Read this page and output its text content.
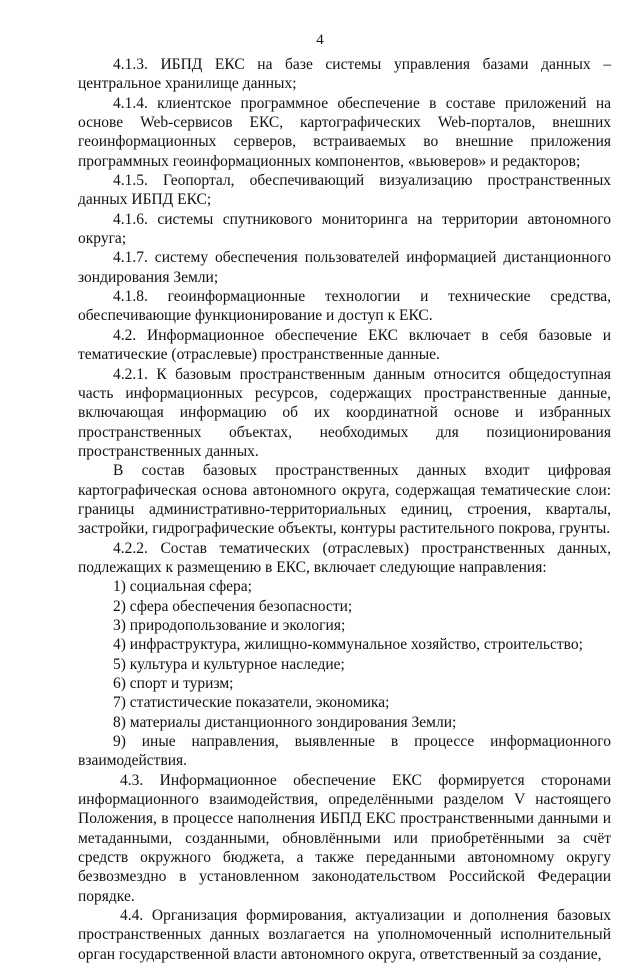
4

4.1.3. ИБПД ЕКС на базе системы управления базами данных – центральное хранилище данных;

4.1.4. клиентское программное обеспечение в составе приложений на основе Web-сервисов ЕКС, картографических Web-порталов, внешних геоинформационных серверов, встраиваемых во внешние приложения программных геоинформационных компонентов, «вьюверов» и редакторов;

4.1.5. Геопортал, обеспечивающий визуализацию пространственных данных ИБПД ЕКС;

4.1.6. системы спутникового мониторинга на территории автономного округа;

4.1.7. систему обеспечения пользователей информацией дистанционного зондирования Земли;

4.1.8. геоинформационные технологии и технические средства, обеспечивающие функционирование и доступ к ЕКС.

4.2. Информационное обеспечение ЕКС включает в себя базовые и тематические (отраслевые) пространственные данные.

4.2.1. К базовым пространственным данным относится общедоступная часть информационных ресурсов, содержащих пространственные данные, включающая информацию об их координатной основе и избранных пространственных объектах, необходимых для позиционирования пространственных данных.

В состав базовых пространственных данных входит цифровая картографическая основа автономного округа, содержащая тематические слои: границы административно-территориальных единиц, строения, кварталы, застройки, гидрографические объекты, контуры растительного покрова, грунты.

4.2.2. Состав тематических (отраслевых) пространственных данных, подлежащих к размещению в ЕКС, включает следующие направления:

1) социальная сфера;

2) сфера обеспечения безопасности;

3) природопользование и экология;

4) инфраструктура, жилищно-коммунальное хозяйство, строительство;

5) культура и культурное наследие;

6) спорт и туризм;

7) статистические показатели, экономика;

8) материалы дистанционного зондирования Земли;

9) иные направления, выявленные в процессе информационного взаимодействия.

4.3. Информационное обеспечение ЕКС формируется сторонами информационного взаимодействия, определёнными разделом V настоящего Положения, в процессе наполнения ИБПД ЕКС пространственными данными и метаданными, созданными, обновлёнными или приобретёнными за счёт средств окружного бюджета, а также переданными автономному округу безвозмездно в установленном законодательством Российской Федерации порядке.

4.4. Организация формирования, актуализации и дополнения базовых пространственных данных возлагается на уполномоченный исполнительный орган государственной власти автономного округа, ответственный за создание,
